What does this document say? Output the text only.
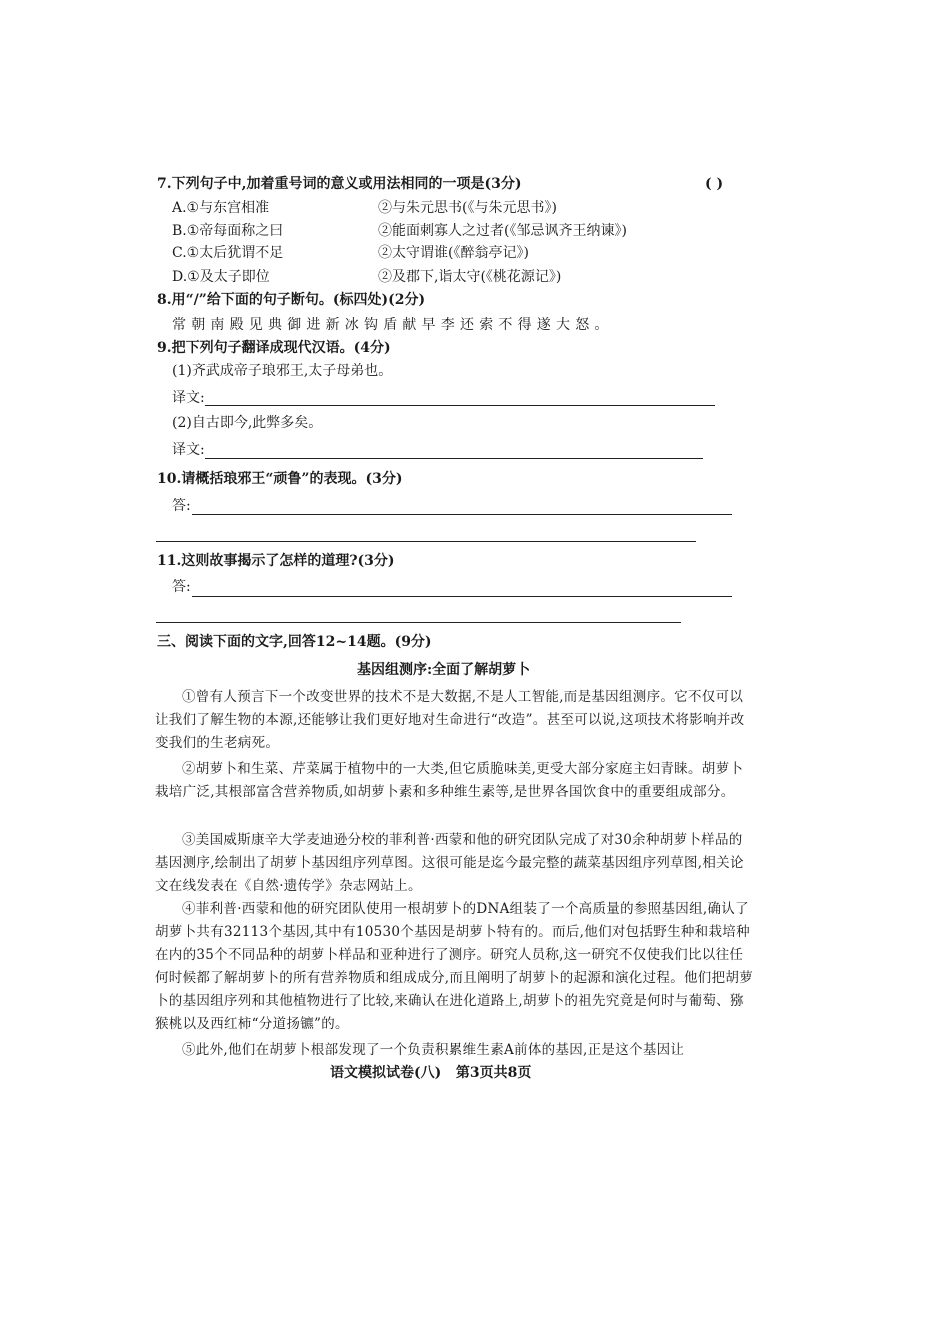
7.下列句子中,加着重号词的意义或用法相同的一项是(3分)	( )
A.①与东宫相准	②与朱元思书(《与朱元思书》)
B.①帝每面称之曰	②能面刺寡人之过者(《邹忌讽齐王纳谏》)
C.①太后犹谓不足	②太守谓谁(《醉翁亭记》)
D.①及太子即位	②及郡下,诣太守(《桃花源记》)
8.用“/”给下面的句子断句。(标四处)(2分)
常朝南殿见典御进新冰钩盾献早李还索不得遂大怒。
9.把下列句子翻译成现代汉语。(4分)
(1)齐武成帝子琅邪王,太子母弟也。
译文:
(2)自古即今,此弊多矣。
译文:
10.请概括琅邪王“顽鲁”的表现。(3分)
答:
11.这则故事揭示了怎样的道理?(3分)
答:
三、阅读下面的文字,回答12~14题。(9分)
基因组测序:全面了解胡萝卜
①曾有人预言下一个改变世界的技术不是大数据,不是人工智能,而是基因组测序。它不仅可以让我们了解生物的本源,还能够让我们更好地对生命进行“改造”。甚至可以说,这项技术将影响并改变我们的生老病死。
②胡萝卜和生菜、芹菜属于植物中的一大类,但它质脆味美,更受大部分家庭主妇青睐。胡萝卜栽培广泛,其根部富含营养物质,如胡萝卜素和多种维生素等,是世界各国饮食中的重要组成部分。
③美国威斯康辛大学麦迪逊分校的菲利普·西蒙和他的研究团队完成了对30余种胡萝卜样品的基因测序,绘制出了胡萝卜基因组序列草图。这很可能是迄今最完整的蔬菜基因组序列草图,相关论文在线发表在《自然·遗传学》杂志网站上。
④菲利普·西蒙和他的研究团队使用一根胡萝卜的DNA组装了一个高质量的参照基因组,确认了胡萝卜共有32113个基因,其中有10530个基因是胡萝卜特有的。而后,他们对包括野生种和栽培种在内的35个不同品种的胡萝卜样品和亚种进行了测序。研究人员称,这一研究不仅使我们比以往任何时候都了解胡萝卜的所有营养物质和组成成分,而且阐明了胡萝卜的起源和演化过程。他们把胡萝卜的基因组序列和其他植物进行了比较,来确认在进化道路上,胡萝卜的祖先究竟是何时与葡萄、猕猴桃以及西红柿“分道扬镳”的。
⑤此外,他们在胡萝卜根部发现了一个负责积累维生素A前体的基因,正是这个基因让
语文模拟试卷(八)   第3页共8页
